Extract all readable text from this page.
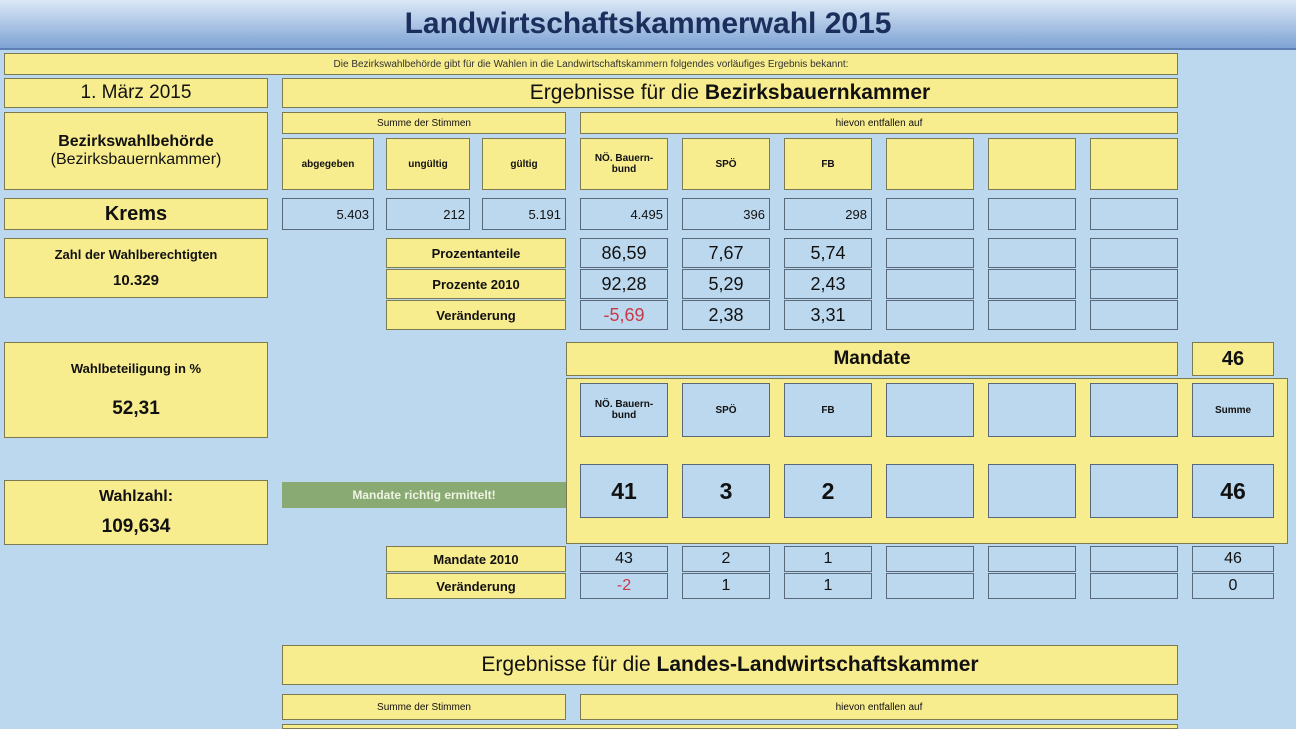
Landwirtschaftskammerwahl 2015
Die Bezirkswahlbehörde gibt für die Wahlen in die Landwirtschaftskammern folgendes vorläufiges Ergebnis bekannt:
1. März 2015
Bezirkswahlbehörde
(Bezirksbauernkammer)
Krems
Zahl der Wahlberechtigten
10.329
Wahlbeteiligung in %
52,31
Wahlzahl:
109,634
Ergebnisse für die Bezirksbauernkammer
Summe der Stimmen	hievon entfallen auf
abgegeben	ungültig	gültig	NÖ. Bauern-bund	SPÖ	FB
5.403	212	5.191	4.495	396	298
Prozentanteile	86,59	7,67	5,74
Prozente 2010	92,28	5,29	2,43
Veränderung	-5,69	2,38	3,31
Mandate	46
NÖ. Bauern-bund	SPÖ	FB	Summe
Mandate richtig ermittelt!	41	3	2	46
Mandate 2010	43	2	1	46
Veränderung	-2	1	1	0
Ergebnisse für die Landes-Landwirtschaftskammer
Summe der Stimmen	hievon entfallen auf
